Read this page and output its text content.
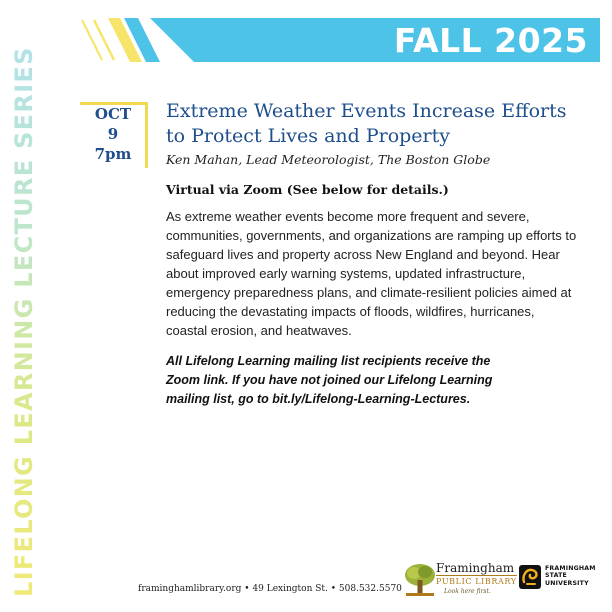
LIFELONG LEARNING LECTURE SERIES
FALL 2025
OCT
9
7pm
Extreme Weather Events Increase Efforts to Protect Lives and Property

Ken Mahan, Lead Meteorologist, The Boston Globe

Virtual via Zoom (See below for details.)

As extreme weather events become more frequent and severe, communities, governments, and organizations are ramping up efforts to safeguard lives and property across New England and beyond. Hear about improved early warning systems, updated infrastructure, emergency preparedness plans, and climate-resilient policies aimed at reducing the devastating impacts of floods, wildfires, hurricanes, coastal erosion, and heatwaves.

All Lifelong Learning mailing list recipients receive the Zoom link. If you have not joined our Lifelong Learning mailing list, go to bit.ly/Lifelong-Learning-Lectures.

framinghamlibrary.org • 49 Lexington St. • 508.532.5570
Framingham
PUBLIC LIBRARY
Look here first.
FRAMINGHAM
STATE
UNIVERSITY
